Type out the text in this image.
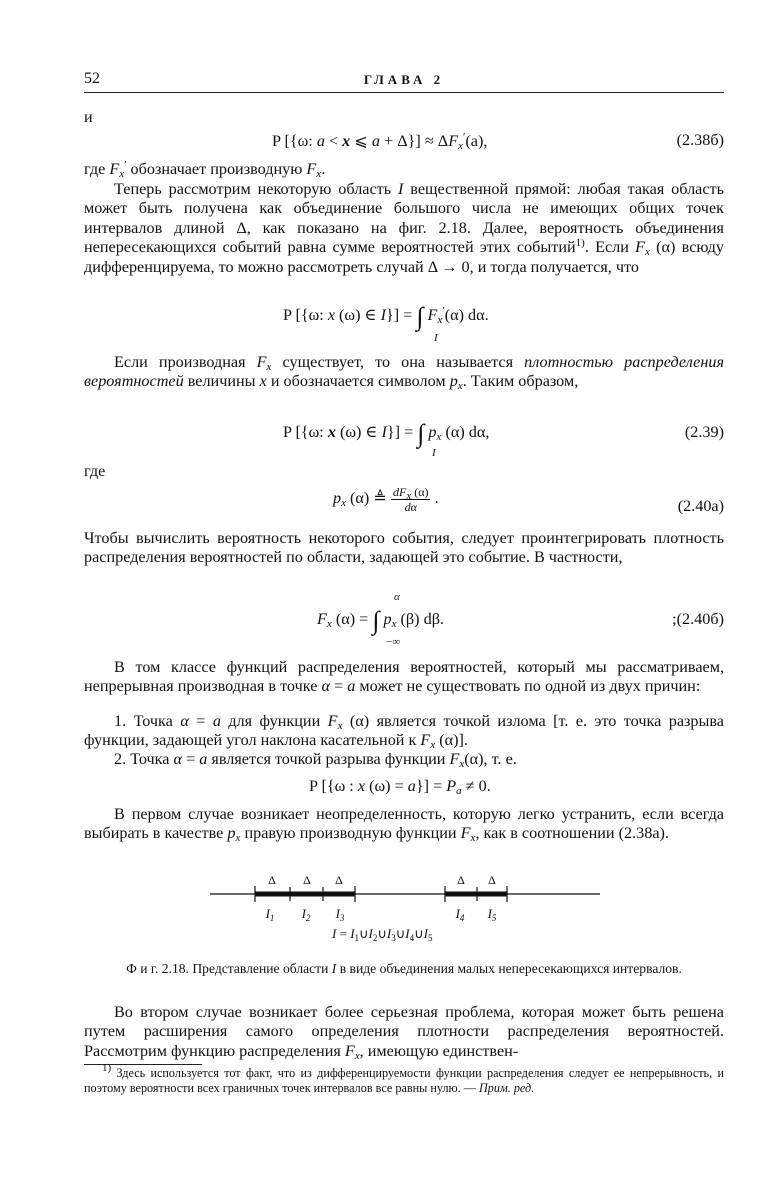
52	ГЛАВА 2
и
P [{ω: a < x ⩽ $a + \Delta\}] \approx \Delta F_x'(a)$,	(2.38б)
где $F_x'$ обозначает производную $F_x$.
Теперь рассмотрим некоторую область I вещественной прямой: любая такая область может быть получена как объединение большого числа не имеющих общих точек интервалов длиной Δ, как показано на фиг. 2.18. Далее, вероятность объединения непересекающихся событий равна сумме вероятностей этих событий$^{1)}$. Если $F_x$ (α) всюду дифференцируема, то можно рассмотреть случай Δ → 0, и тогда получается, что
P [{ω: x (ω) ∈ I}] = ∫ $F_x'(\alpha)$ dα.
I
Если производная $F_x$ существует, то она называется плотностью распределения вероятностей величины x и обозначается символом $p_x$. Таким образом,
P [{ω: x (ω) ∈ I}] = ∫ $p_x$ (α) dα,
I
(2.39)
где
$p_x$ (α) ≜ $\frac{dF_x (\alpha)}{d\alpha}$ .	(2.40а)
Чтобы вычислить вероятность некоторого события, следует проинтегрировать плотность распределения вероятностей по области, задающей это событие. В частности,
α
$F_x$ (α) = ∫ $p_x$ (β) dβ.
−∞
;(2.40б)
В том классе функций распределения вероятностей, который мы рассматриваем, непрерывная производная в точке α = a может не существовать по одной из двух причин:
1. Точка α = a для функции $F_x$ (α) является точкой излома [т. е. это точка разрыва функции, задающей угол наклона касательной к $F_x$ (α)].
2. Точка α = a является точкой разрыва функции $F_x(\alpha)$, т. е.
P [{ω : x $(\omega) = a\}] = P_a \ne 0$.
В первом случае возникает неопределенность, которую легко устранить, если всегда выбирать в качестве $p_x$ правую производную функции $F_x$, как в соотношении (2.38а).
Δ Δ Δ	Δ Δ
$I_1$ $I_2$ $I_3$	$I_4$ $I_5$
$I = I_1\cup I_2\cup I_3\cup I_4\cup I_5$
Ф и г. 2.18. Представление области I в виде объединения малых непересекающихся интервалов.
Во втором случае возникает более серьезная проблема, которая может быть решена путем расширения самого определения плотности распределения вероятностей. Рассмотрим функцию распределения $F_x$, имеющую единствен-
$^{1)}$ Здесь используется тот факт, что из дифференцируемости функции распределения следует ее непрерывность, и поэтому вероятности всех граничных точек интервалов все равны нулю. — Прим. ред.
